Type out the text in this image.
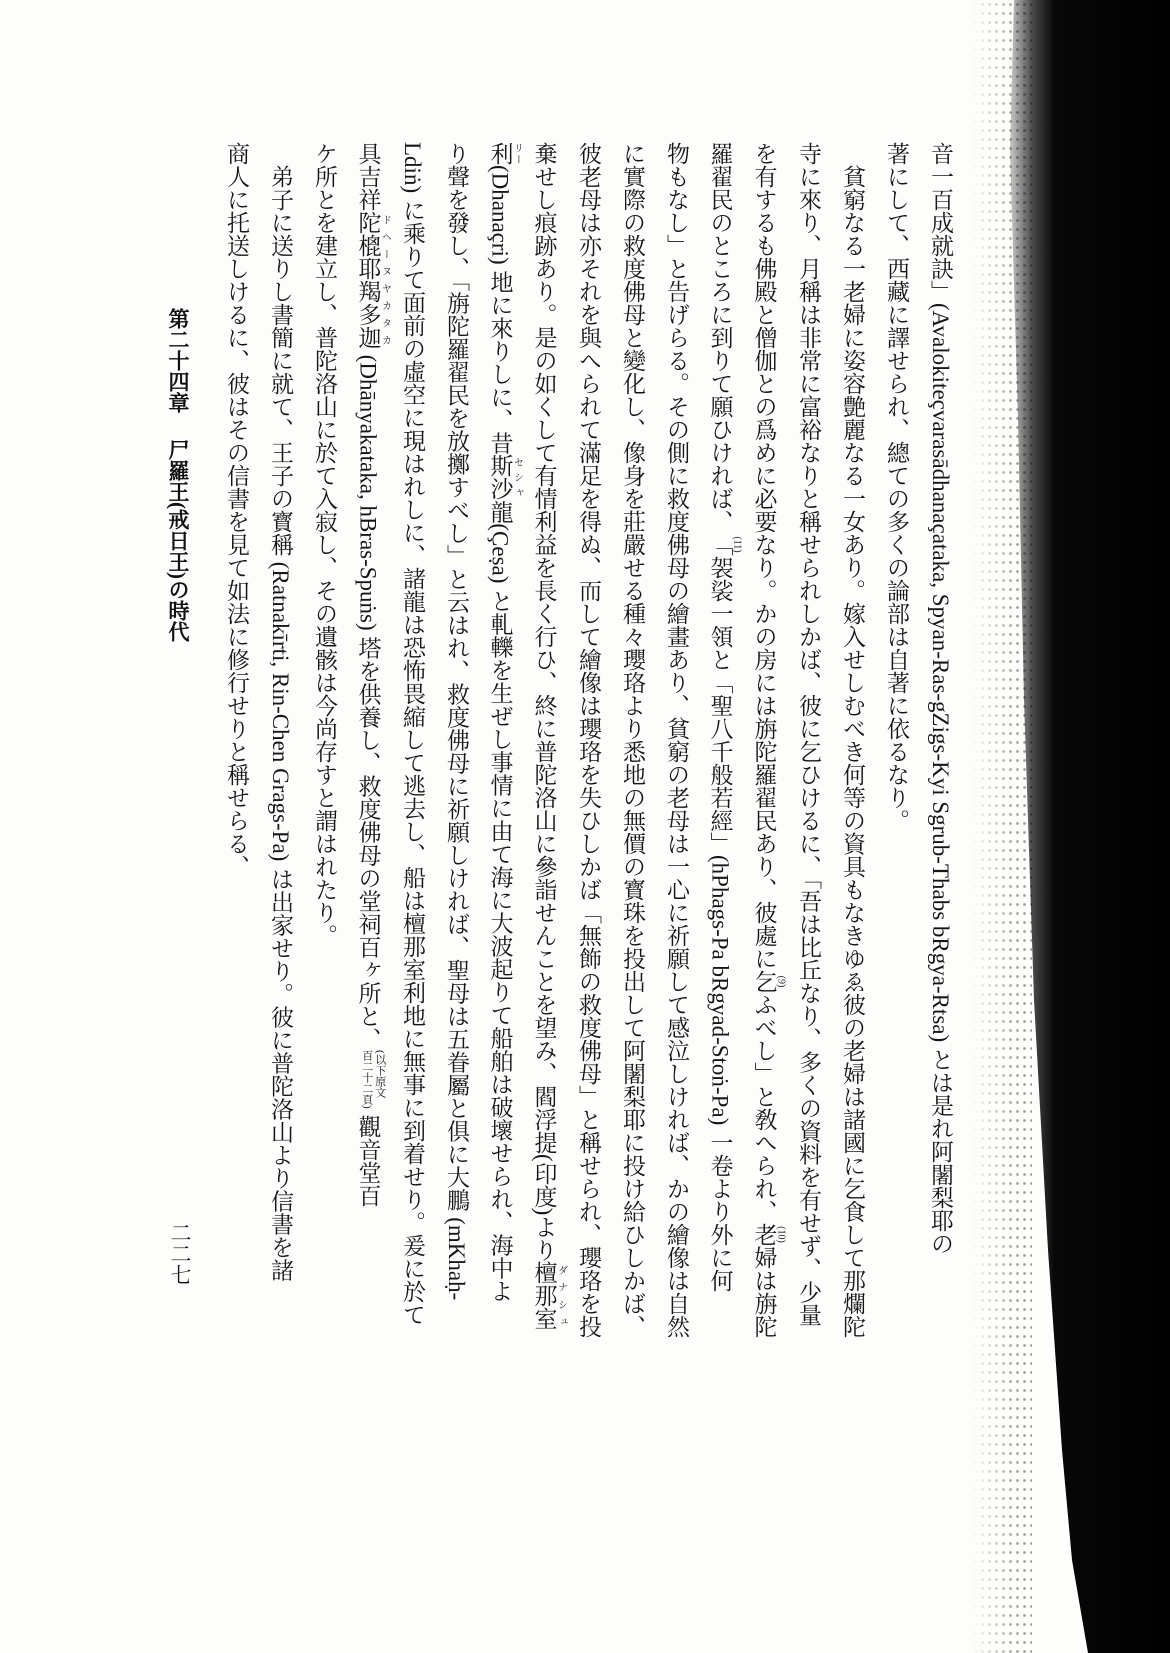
音一百成就訣」(Avalokiteçvarasādhanaçataka, Spyan-Ras-gZigs-Kyi Sgrub-Thabs bRgya-Rtsa) とは是れ阿闍梨耶の
著にして、西藏に譯せられ、總ての多くの論部は自著に依るなり。
貧窮なる一老婦に姿容艶麗なる一女あり。嫁入せしむべき何等の資具もなきゆゑ彼の老婦は諸國に乞食して那爛陀
寺に來り、月稱は非常に富裕なりと稱せられしかば、彼に乞ひけるに、「吾は比丘なり、多くの資料を有せず、少量
を有するも佛殿と僧伽との爲めに必要なり。かの房には旃陀羅翟民あり、彼處に乞 (9)ふべし」と敎へられ、老 (10)婦は旃陀
羅翟民のところに到りて願ひければ、「 (11)袈裟一領と「聖八千般若經」(hPhags-Pa bRgyad-Stoṅ-Pa) 一卷より外に何
物もなし」と告げらる。その側に救度佛母の繪畫あり、貧窮の老母は一心に祈願して感泣しければ、かの繪像は自然
に實際の救度佛母と變化し、像身を莊嚴せる種々瓔珞より悉地の無價の寳珠を投出して阿闍梨耶に投け給ひしかば、
彼老母は亦それを與へられて滿足を得ぬ、而して繪像は瓔珞を失ひしかば「無飾の救度佛母」と稱せられ、瓔珞を投
棄せし痕跡あり。是の如くして有情利益を長く行ひ、終に普陀洛山に參詣せんことを望み、閻浮提(印度)より檀那室 ダナシュ
利 リー(Dhanaçri) 地に來りしに、昔斯沙 セシャ龍(Çeṣa) と軋轢を生ぜし事情に由て海に大波起りて船舶は破壞せられ、海中よ
り聲を發し、「旃陀羅翟民を放擲すべし」と云はれ、救度佛母に祈願しければ、聖母は五眷屬と俱に大鵬 (mKhaḥ-
Ldiṅ) に乘りて面前の虛空に現はれしに、諸龍は恐怖畏縮して逃去し、船は檀那室利地に無事に到着せり。爰に於て
具吉祥陀㮰耶羯多迦 ドヘーヌヤカタカ (Dhānyakataka, hBras-Spuṅs) 塔を供養し、救度佛母の堂祠百ヶ所と、
(以下原文
百二十二頁)
觀音堂百
ケ所とを建立し、普陀洛山に於て入寂し、その遺骸は今尚存すと謂はれたり。
弟子に送りし書簡に就て、王子の寳稱 (Ratnakīrti, Rin-Chen Grags-Pa) は出家せり。彼に普陀洛山より信書を諸
商人に托送しけるに、彼はその信書を見て如法に修行せりと稱せらる、
第二十四章尸羅王(戒日王)の時代
二二七
